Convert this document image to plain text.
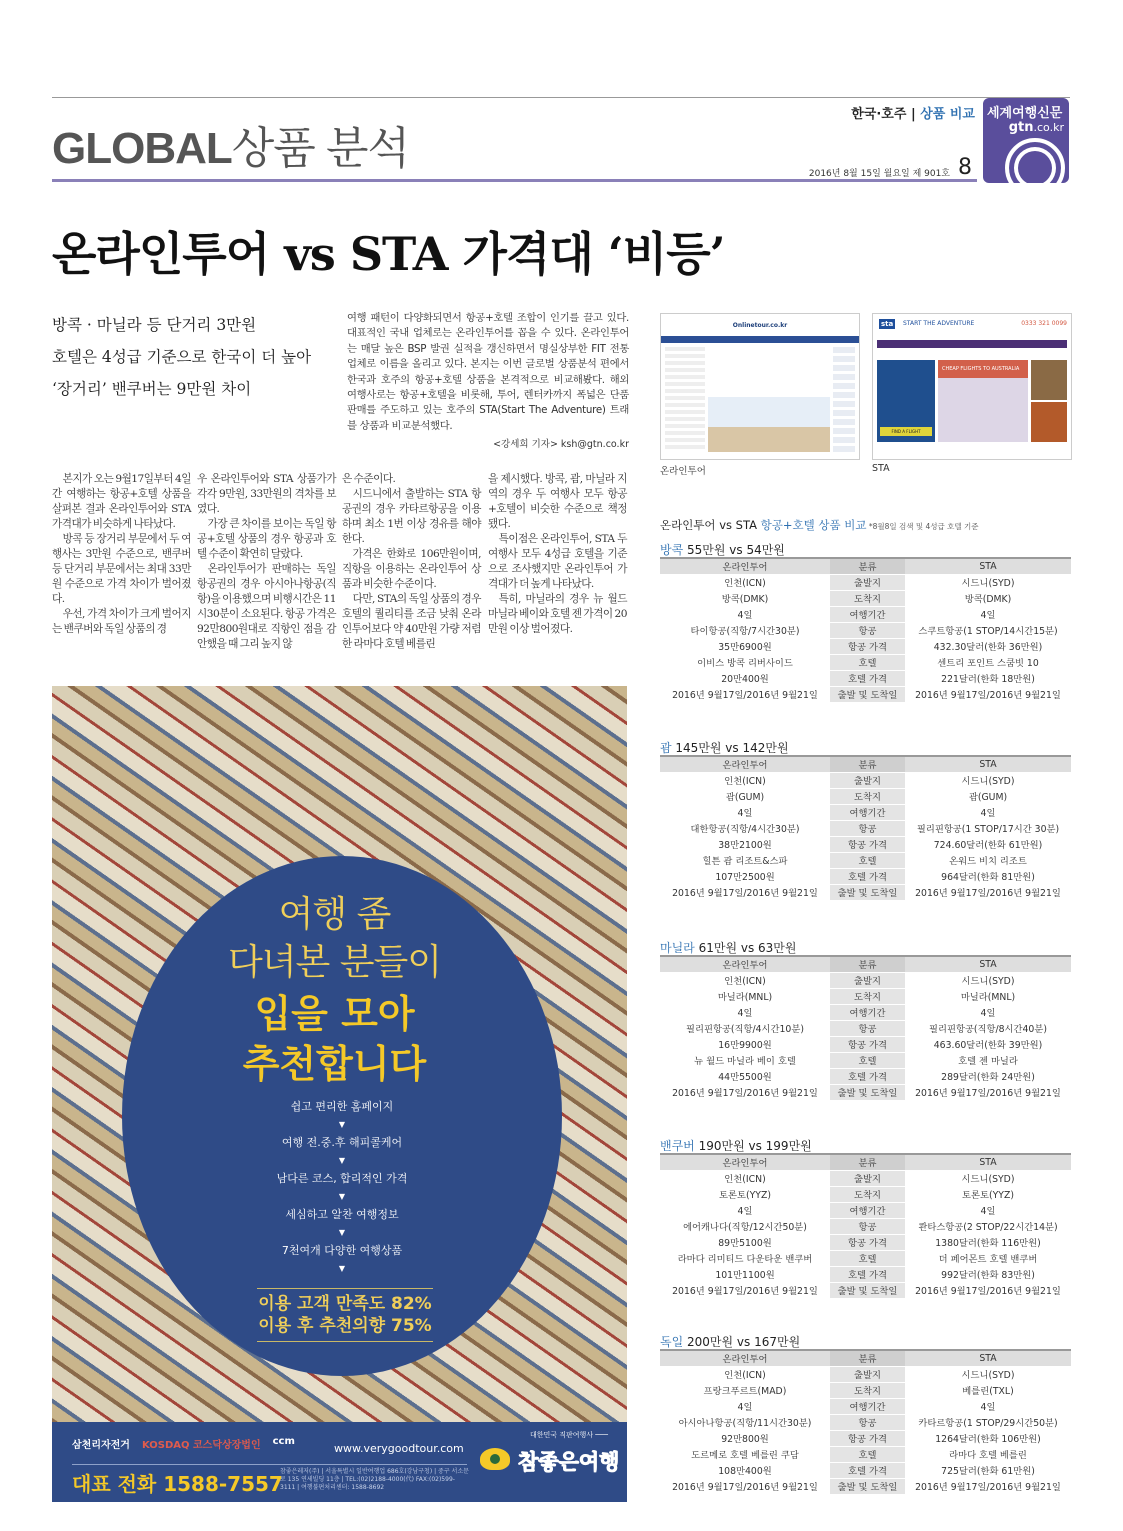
GLOBAL상품 분석
한국·호주 | 상품 비교
2016년 8월 15일 월요일 제 901호 8
세계여행신문
gtn.co.kr
온라인투어 vs STA 가격대 ‘비등’
방콕 · 마닐라 등 단거리 3만원
호텔은 4성급 기준으로 한국이 더 높아
‘장거리’ 밴쿠버는 9만원 차이

여행 패턴이 다양화되면서 항공+호텔 조합이 인기를 끌고 있다. 대표적인 국내 업체로는 온라인투어를 꼽을 수 있다. 온라인투어는 매달 높은 BSP 발권 실적을 갱신하면서 명실상부한 FIT 전통 업체로 이름을 올리고 있다. 본지는 이번 글로벌 상품분석 편에서 한국과 호주의 항공+호텔 상품을 본격적으로 비교해봤다. 해외 여행사로는 항공+호텔을 비롯해, 투어, 렌터카까지 폭넓은 단품판매를 주도하고 있는 호주의 STA(Start The Adventure) 트래블 상품과 비교분석했다.

<강세희 기자> ksh@gtn.co.kr

본지가 오는 9월17일부터 4일간 여행하는 항공+호텔 상품을 살펴본 결과 온라인투어와 STA 가격대가 비슷하게 나타났다.

방콕 등 장거리 부문에서 두 여행사는 3만원 수준으로, 밴쿠버 등 단거리 부문에서는 최대 33만원 수준으로 가격 차이가 벌어졌다.

우선, 가격 차이가 크게 벌어지는 밴쿠버와 독일 상품의 경

우 온라인투어와 STA 상품가가 각각 9만원, 33만원의 격차를 보였다.

가장 큰 차이를 보이는 독일 항공+호텔 상품의 경우 항공과 호텔 수준이 확연히 달랐다.

온라인투어가 판매하는 독일 항공권의 경우 아시아나항공(직항)을 이용했으며 비행시간은 11시30분이 소요된다. 항공 가격은 92만800원대로 직항인 점을 감안했을 때 그리 높지 않

은 수준이다.

시드니에서 출발하는 STA 항공권의 경우 카타르항공을 이용하며 최소 1번 이상 경유를 해야 한다.

가격은 한화로 106만원이며, 직항을 이용하는 온라인투어 상품과 비슷한 수준이다.

다만, STA의 독일 상품의 경우 호텔의 퀄리티를 조금 낮춰 온라인투어보다 약 40만원 가량 저렴한 라마다 호텔 베를린

을 제시했다. 방콕, 괌, 마닐라 지역의 경우 두 여행사 모두 항공+호텔이 비슷한 수준으로 책정됐다.

특이점은 온라인투어, STA 두 여행사 모두 4성급 호텔을 기준으로 조사했지만 온라인투어 가격대가 더 높게 나타났다.

특히, 마닐라의 경우 뉴 월드 마닐라 베이와 호텔 젠 가격이 20만원 이상 벌어졌다.

여행 좀
다녀본 분들이
입을 모아
추천합니다
쉽고 편리한 홈페이지
▼
여행 전.중.후 해피콜케어
▼
남다른 코스, 합리적인 가격
▼
세심하고 알찬 여행정보
▼
7천여개 다양한 여행상품
▼
이용 고객 만족도 82%
이용 후 추천의향 75%
삼천리자전거 KOSDAQ 코스닥상장법인 ccm
www.verygoodtour.com
대표 전화 1588-7557
참좋은레저(주) | 서울특별시 일반여행업 686호(강남구청) | 중구 서소문로 135 연세빌딩 11층 | TEL:(02)2188-4000(代) FAX:(02)599-3111 | 여행불편처리센터: 1588-8692
대한민국 직판여행사 ───
참좋은여행
Onlinetour.co.kr
온라인투어
sta	START THE ADVENTURE	0333 321 0099
FIND A FLIGHT
CHEAP FLIGHTS TO AUSTRALIA
STA
온라인투어 vs STA 항공+호텔 상품 비교 *8월8일 검색 및 4성급 호텔 기준
방콕 55만원 vs 54만원
온라인투어	분류	STA
인천(ICN)	출발지	시드니(SYD)
방콕(DMK)	도착지	방콕(DMK)
4일	여행기간	4일
타이항공(직항/7시간30분)	항공	스쿠트항공(1 STOP/14시간15분)
35만6900원	항공 가격	432.30달러(한화 36만원)
이비스 방콕 리버사이드	호텔	센트리 포인트 스쿰빗 10
20만400원	호텔 가격	221달러(한화 18만원)
2016년 9월17일/2016년 9월21일	출발 및 도착일	2016년 9월17일/2016년 9월21일
괌 145만원 vs 142만원
온라인투어	분류	STA
인천(ICN)	출발지	시드니(SYD)
괌(GUM)	도착지	괌(GUM)
4일	여행기간	4일
대한항공(직항/4시간30분)	항공	필리핀항공(1 STOP/17시간 30분)
38만2100원	항공 가격	724.60달러(한화 61만원)
힐튼 괌 리조트&스파	호텔	온워드 비치 리조트
107만2500원	호텔 가격	964달러(한화 81만원)
2016년 9월17일/2016년 9월21일	출발 및 도착일	2016년 9월17일/2016년 9월21일
마닐라 61만원 vs 63만원
온라인투어	분류	STA
인천(ICN)	출발지	시드니(SYD)
마닐라(MNL)	도착지	마닐라(MNL)
4일	여행기간	4일
필리핀항공(직항/4시간10분)	항공	필리핀항공(직항/8시간40분)
16만9900원	항공 가격	463.60달러(한화 39만원)
뉴 월드 마닐라 베이 호텔	호텔	호텔 젠 마닐라
44만5500원	호텔 가격	289달러(한화 24만원)
2016년 9월17일/2016년 9월21일	출발 및 도착일	2016년 9월17일/2016년 9월21일
밴쿠버 190만원 vs 199만원
온라인투어	분류	STA
인천(ICN)	출발지	시드니(SYD)
토론토(YYZ)	도착지	토론토(YYZ)
4일	여행기간	4일
에어캐나다(직항/12시간50분)	항공	콴타스항공(2 STOP/22시간14분)
89만5100원	항공 가격	1380달러(한화 116만원)
라마다 리미티드 다운타운 밴쿠버	호텔	더 페어몬트 호텔 밴쿠버
101만1100원	호텔 가격	992달러(한화 83만원)
2016년 9월17일/2016년 9월21일	출발 및 도착일	2016년 9월17일/2016년 9월21일
독일 200만원 vs 167만원
온라인투어	분류	STA
인천(ICN)	출발지	시드니(SYD)
프랑크푸르트(MAD)	도착지	베를린(TXL)
4일	여행기간	4일
아시아나항공(직항/11시간30분)	항공	카타르항공(1 STOP/29시간50분)
92만800원	항공 가격	1264달러(한화 106만원)
도르메로 호텔 베를린 쿠담	호텔	라마다 호텔 베를린
108만400원	호텔 가격	725달러(한화 61만원)
2016년 9월17일/2016년 9월21일	출발 및 도착일	2016년 9월17일/2016년 9월21일
